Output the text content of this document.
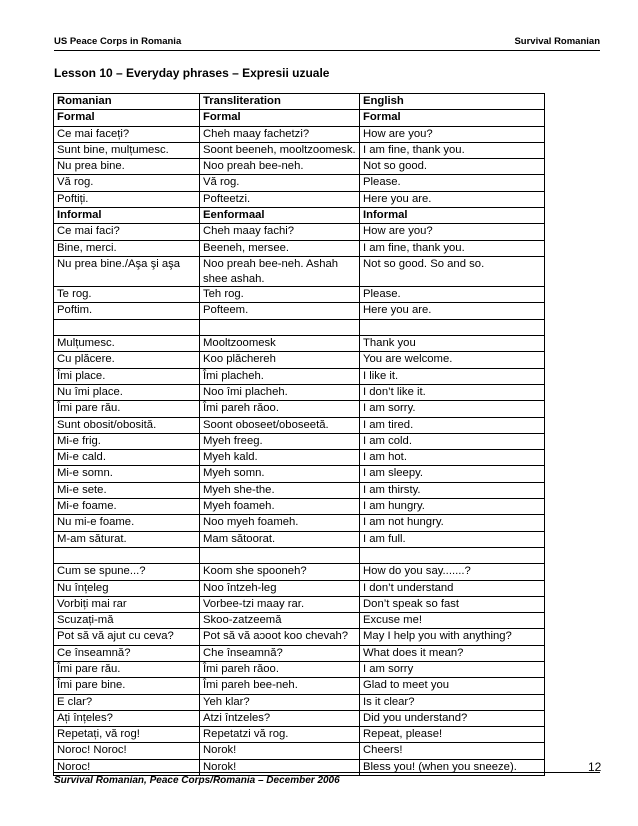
US Peace Corps in Romania	Survival Romanian
Lesson 10 – Everyday phrases – Expresii uzuale
Romanian	Transliteration	English
Formal	Formal	Formal
Ce mai faceți?	Cheh maay fachetzi?	How are you?
Sunt bine, mulțumesc.	Soont beeneh, mooltzoomesk.	I am fine, thank you.
Nu prea bine.	Noo preah bee-neh.	Not so good.
Vă rog.	Vă rog.	Please.
Poftiți.	Pofteetzi.	Here you are.
Informal	Eenformaal	Informal
Ce mai faci?	Cheh maay fachi?	How are you?
Bine, merci.	Beeneh, mersee.	I am fine, thank you.
Nu prea bine./Aşa şi aşa	Noo preah bee-neh. Ashah shee ashah.	Not so good. So and so.
Te rog.	Teh rog.	Please.
Poftim.	Pofteem.	Here you are.

Mulțumesc.	Mooltzoomesk	Thank you
Cu plăcere.	Koo plăchereh	You are welcome.
Îmi place.	Îmi placheh.	I like it.
Nu îmi place.	Noo îmi placheh.	I don’t like it.
Îmi pare rău.	Îmi pareh răoo.	I am sorry.
Sunt obosit/obosită.	Soont oboseet/oboseetă.	I am tired.
Mi-e frig.	Myeh freeg.	I am cold.
Mi-e cald.	Myeh kald.	I am hot.
Mi-e somn.	Myeh somn.	I am sleepy.
Mi-e sete.	Myeh she-the.	I am thirsty.
Mi-e foame.	Myeh foameh.	I am hungry.
Nu mi-e foame.	Noo myeh foameh.	I am not hungry.
M-am săturat.	Mam sătoorat.	I am full.

Cum se spune...?	Koom she spooneh?	How do you say.......?
Nu înțeleg	Noo întzeh-leg	I don’t understand
Vorbiți mai rar	Vorbee-tzi maay rar.	Don’t speak so fast
Scuzați-mă	Skoo-zatzeemă	Excuse me!
Pot să vă ajut cu ceva?	Pot să vă aɔoot koo chevah?	May I help you with anything?
Ce înseamnă?	Che înseamnă?	What does it mean?
Îmi pare rău.	Îmi pareh răoo.	I am sorry
Îmi pare bine.	Îmi pareh bee-neh.	Glad to meet you
E clar?	Yeh klar?	Is it clear?
Ați înțeles?	Atzi întzeles?	Did you understand?
Repetați, vă rog!	Repetatzi vă rog.	Repeat, please!
Noroc! Noroc!	Norok!	Cheers!
Noroc!	Norok!	Bless you! (when you sneeze).	12
Survival Romanian, Peace Corps/Romania – December 2006
